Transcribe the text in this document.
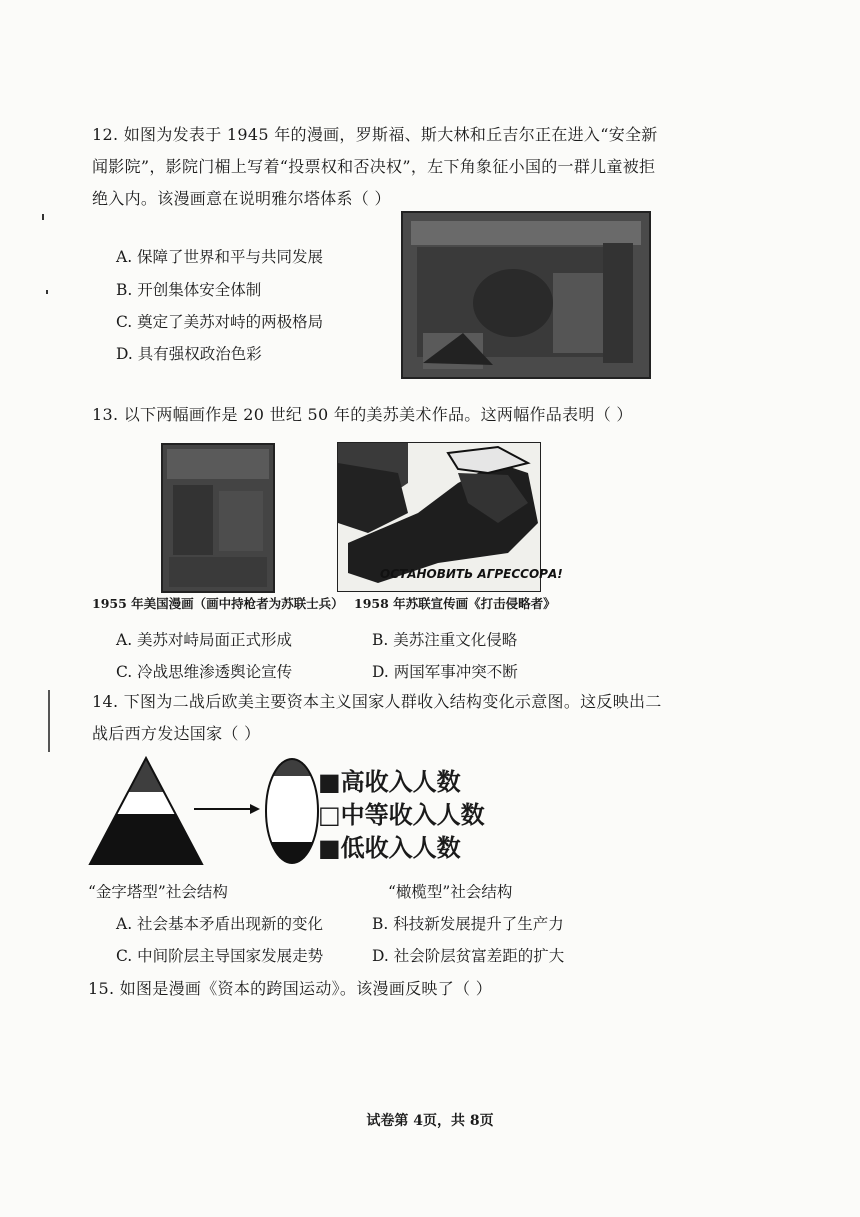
12. 如图为发表于 1945 年的漫画，罗斯福、斯大林和丘吉尔正在进入“安全新
闻影院”，影院门楣上写着“投票权和否决权”，左下角象征小国的一群儿童被拒
绝入内。该漫画意在说明雅尔塔体系（ ）
A. 保障了世界和平与共同发展
B. 开创集体安全体制
C. 奠定了美苏对峙的两极格局
D. 具有强权政治色彩
13. 以下两幅画作是 20 世纪 50 年的美苏美术作品。这两幅作品表明（ ）
ОСТАНОВИТЬ АГРЕССОРА!
1955 年美国漫画（画中持枪者为苏联士兵） 1958 年苏联宣传画《打击侵略者》
A. 美苏对峙局面正式形成	B. 美苏注重文化侵略
C. 冷战思维渗透舆论宣传	D. 两国军事冲突不断
14. 下图为二战后欧美主要资本主义国家人群收入结构变化示意图。这反映出二
战后西方发达国家（ ）
■高收入人数
□中等收入人数
■低收入人数
“金字塔型”社会结构	“橄榄型”社会结构
A. 社会基本矛盾出现新的变化	B. 科技新发展提升了生产力
C. 中间阶层主导国家发展走势	D. 社会阶层贫富差距的扩大
15. 如图是漫画《资本的跨国运动》。该漫画反映了（ ）
试卷第 4页，共 8页
